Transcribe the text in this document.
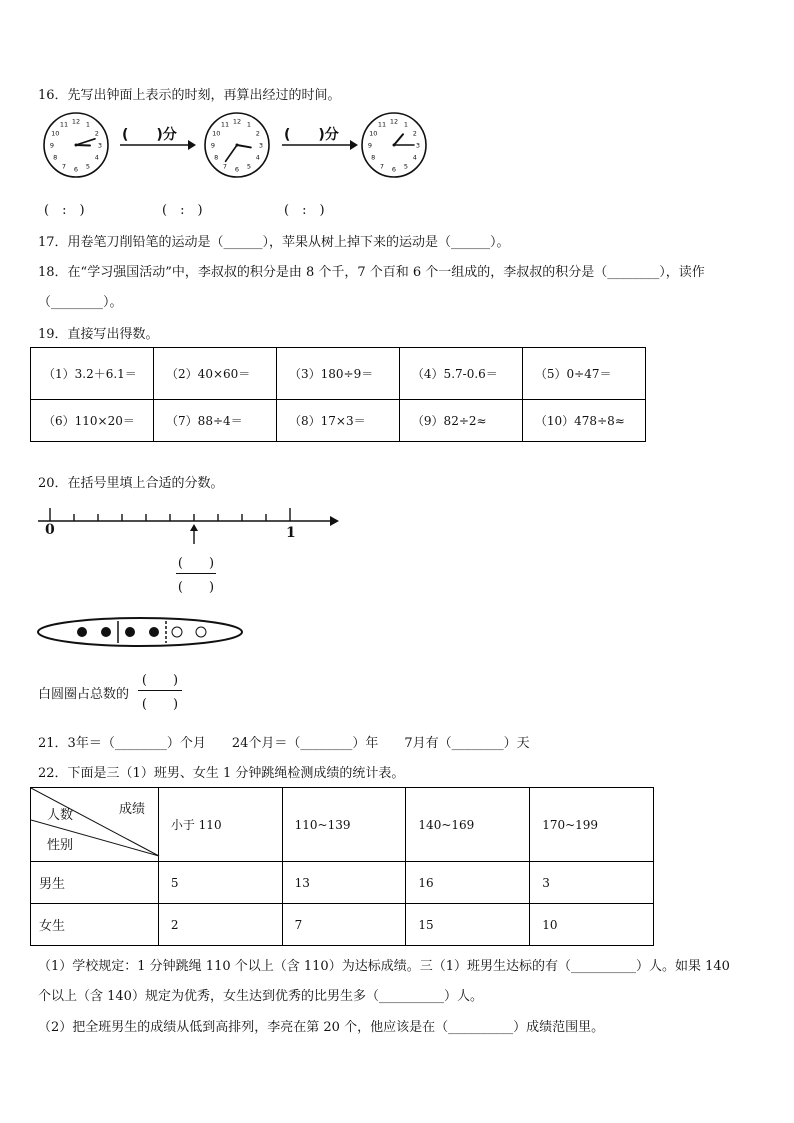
16．先写出钟面上表示的时刻，再算出经过的时间。
12 1
2
3
4
5
6
7
8
9
10
11	12 1
2
3
4
5
6
7
8
9
10
11	12 1
2
3
4
5
6
7
8
9
10
11
(　　)分	(　　)分
(　:　)	(　:　)	(　:　)
17．用卷笔刀削铅笔的运动是（______），苹果从树上掉下来的运动是（______）。
18．在“学习强国活动”中，李叔叔的积分是由 8 个千，7 个百和 6 个一组成的，李叔叔的积分是（________），读作
（________）。
19．直接写出得数。
（1）3.2＋6.1＝	（2）40×60＝	（3）180÷9＝	（4）5.7-0.6＝	（5）0÷47＝
（6）110×20＝	（7）88÷4＝	（8）17×3＝	（9）82÷2≈	（10）478÷8≈
20．在括号里填上合适的分数。
0	1
(　　)
(　　)
白圆圈占总数的
(　　)
(　　)
21．3年＝（________）个月　　24个月＝（________）年　　7月有（________）天
22．下面是三（1）班男、女生 1 分钟跳绳检测成绩的统计表。
成绩
人数
性别	小于 110	110~139	140~169	170~199
男生	5	13	16	3
女生	2	7	15	10
（1）学校规定：1 分钟跳绳 110 个以上（含 110）为达标成绩。三（1）班男生达标的有（__________）人。如果 140
个以上（含 140）规定为优秀，女生达到优秀的比男生多（__________）人。
（2）把全班男生的成绩从低到高排列，李亮在第 20 个，他应该是在（__________）成绩范围里。
